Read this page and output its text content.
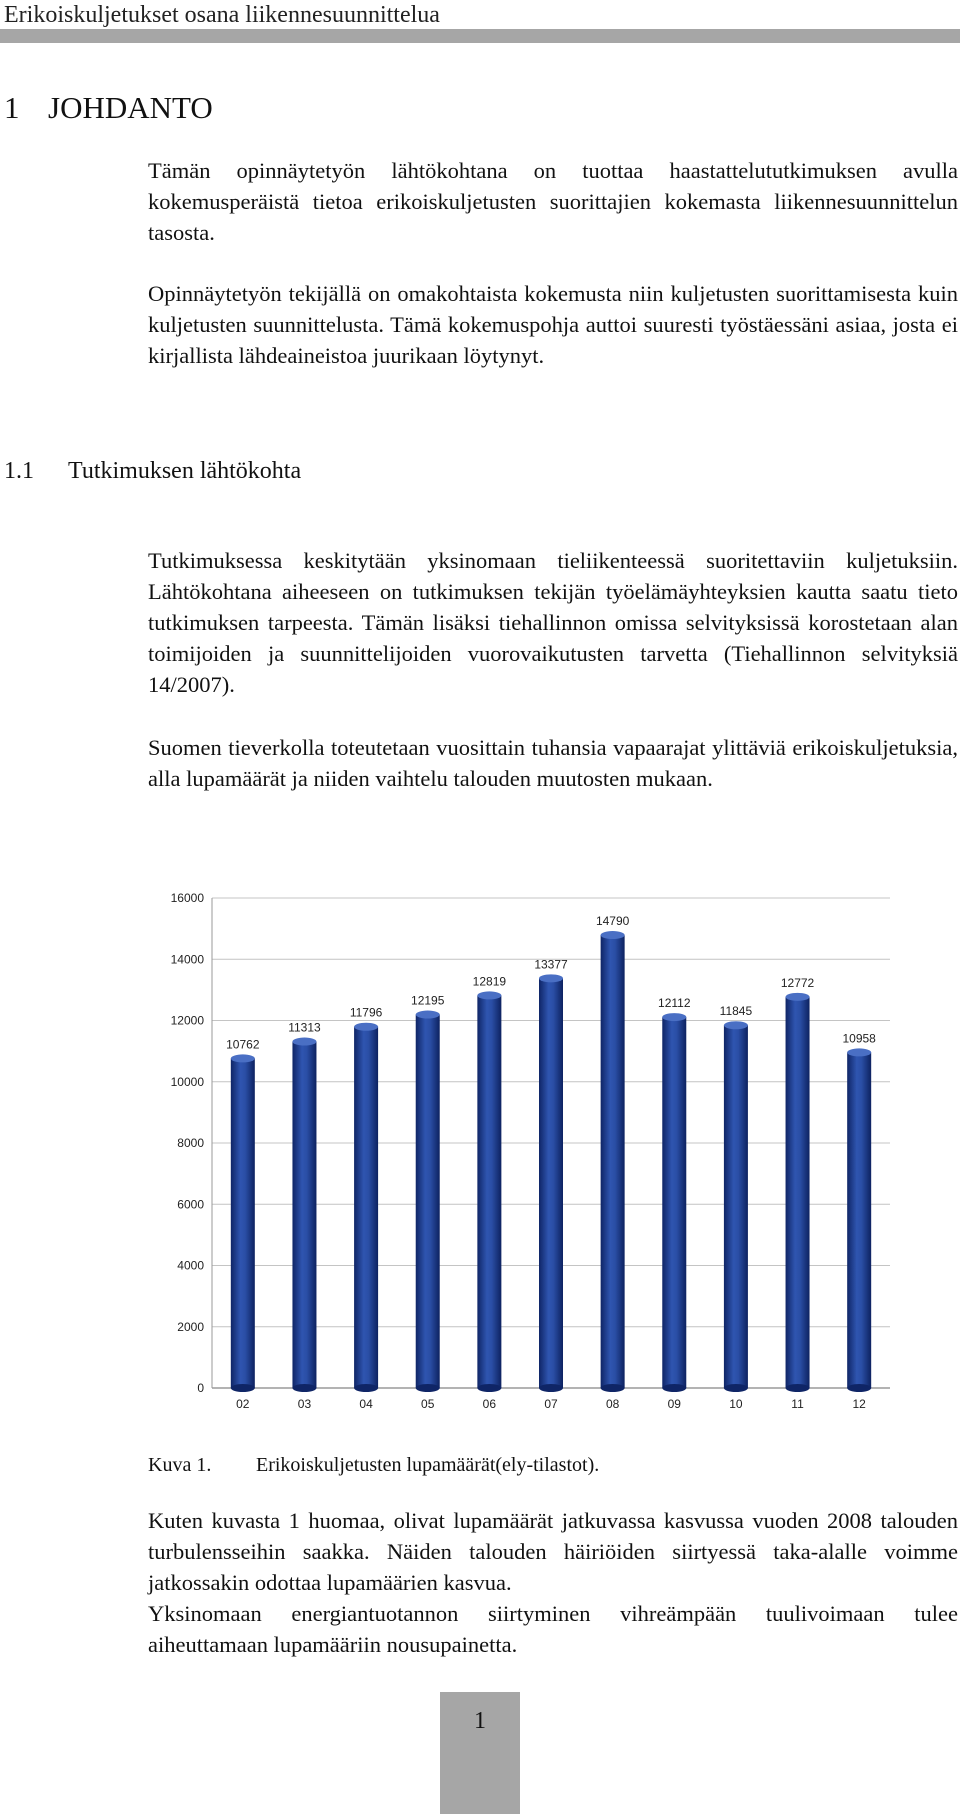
Erikoiskuljetukset osana liikennesuunnittelua
1 JOHDANTO

Tämän opinnäytetyön lähtökohtana on tuottaa haastattelututkimuksen avulla kokemusperäistä tietoa erikoiskuljetusten suorittajien kokemasta liikennesuunnittelun tasosta.

Opinnäytetyön tekijällä on omakohtaista kokemusta niin kuljetusten suorittamisesta kuin kuljetusten suunnittelusta. Tämä kokemuspohja auttoi suuresti työstäessäni asiaa, josta ei kirjallista lähdeaineistoa juurikaan löytynyt.

1.1 Tutkimuksen lähtökohta

Tutkimuksessa keskitytään yksinomaan tieliikenteessä suoritettaviin kuljetuksiin. Lähtökohtana aiheeseen on tutkimuksen tekijän työelämäyhteyksien kautta saatu tieto tutkimuksen tarpeesta. Tämän lisäksi tiehallinnon omissa selvityksissä korostetaan alan toimijoiden ja suunnittelijoiden vuorovaikutusten tarvetta (Tiehallinnon selvityksiä 14/2007).

Suomen tieverkolla toteutetaan vuosittain tuhansia vapaarajat ylittäviä erikoiskuljetuksia, alla lupamäärät ja niiden vaihtelu talouden muutosten mukaan.

0
2000
4000
6000
8000
10000
12000
14000
16000
10762
11313
11796
12195
12819
13377
14790
12112
11845
12772
10958
02	03	04	05	06	07	08	09	10	11	12
Kuva 1. Erikoiskuljetusten lupamäärät(ely-tilastot).

Kuten kuvasta 1 huomaa, olivat lupamäärät jatkuvassa kasvussa vuoden 2008 talouden turbulensseihin saakka. Näiden talouden häiriöiden siirtyessä taka-alalle voimme jatkossakin odottaa lupamäärien kasvua.

Yksinomaan energiantuotannon siirtyminen vihreämpään tuulivoimaan tulee aiheuttamaan lupamääriin nousupainetta.

1
